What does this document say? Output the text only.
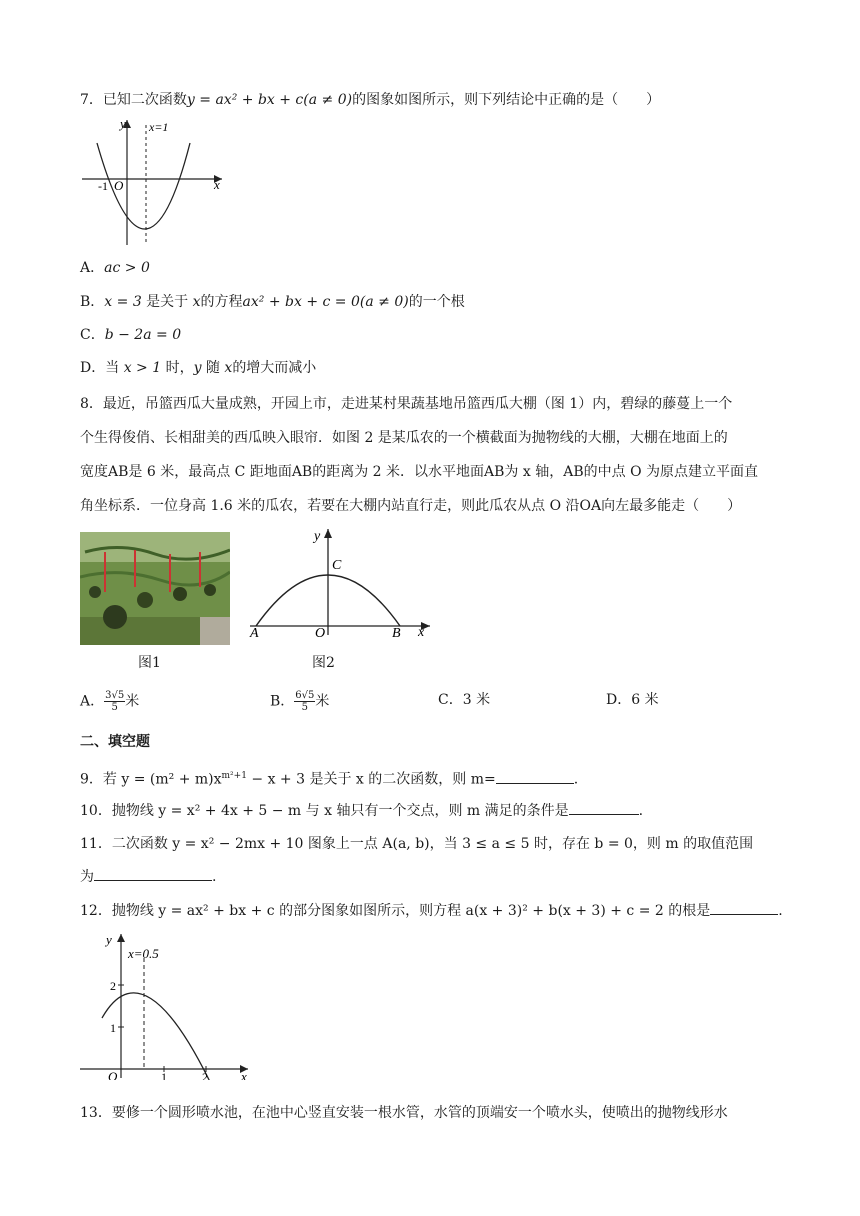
7．已知二次函数y = ax² + bx + c(a ≠ 0)的图象如图所示，则下列结论中正确的是（　　）
y x=1
x
-1 O
A．ac > 0
B．x = 3 是关于 x的方程ax² + bx + c = 0(a ≠ 0)的一个根
C．b − 2a = 0
D．当 x > 1 时，y 随 x的增大而减小
8．最近，吊篮西瓜大量成熟，开园上市，走进某村果蔬基地吊篮西瓜大棚（图 1）内，碧绿的藤蔓上一个
个生得俊俏、长相甜美的西瓜映入眼帘．如图 2 是某瓜农的一个横截面为抛物线的大棚，大棚在地面上的
宽度AB是 6 米，最高点 C 距地面AB的距离为 2 米．以水平地面AB为 x 轴，AB的中点 O 为原点建立平面直
角坐标系．一位身高 1.6 米的瓜农，若要在大棚内站直行走，则此瓜农从点 O 沿OA向左最多能走（　　）
图1
y
C
A	O	B x
图2
A． $\frac{3√5}{5}$ 米	B． $\frac{6√5}{5}$ 米	C．3 米	D．6 米
二、填空题
9．若 $y = (m^2 + m)x^{m^2+1} - x + 3$ 是关于 x 的二次函数，则 m=	.
10．抛物线 y = x² + 4x + 5 − m 与 x 轴只有一个交点，则 m 满足的条件是	.
11．二次函数 y = x² − 2mx + 10 图象上一点 A(a, b)，当 3 ≤ a ≤ 5 时，存在 b = 0，则 m 的取值范围
为	.
12．抛物线 y = ax² + bx + c 的部分图象如图所示，则方程 a(x + 3)² + b(x + 3) + c = 2 的根是	.
y
x=0.5
2
1
O	1	2	x
13．要修一个圆形喷水池，在池中心竖直安装一根水管，水管的顶端安一个喷水头，使喷出的抛物线形水
